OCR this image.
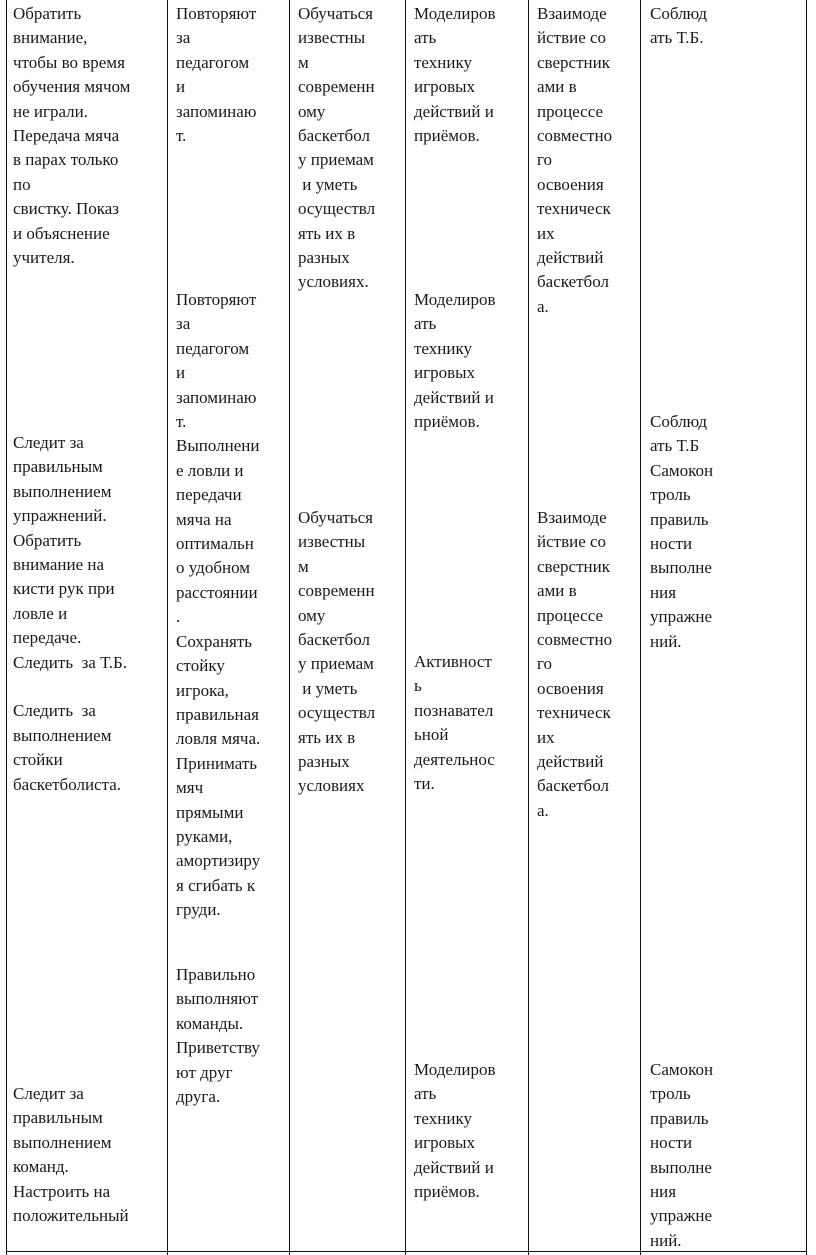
Обратить
внимание,
чтобы во время
обучения мячом
не играли.
Передача мяча
в парах только
по
свистку. Показ
и объяснение
учителя.
Следит за
правильным
выполнением
упражнений.
Обратить
внимание на
кисти рук при
ловле и
передаче.
Следить  за Т.Б.

Следить  за
выполнением
стойки
баскетболиста.
Следит за
правильным
выполнением
команд.
Настроить на
положительный
Повторяют
за
педагогом
и
запоминаю
т.
Повторяют
за
педагогом
и
запоминаю
т.
Выполнени
е ловли и
передачи
мяча на
оптимальн
о удобном
расстоянии
.
Сохранять
стойку
игрока,
правильная
ловля мяча.
Принимать
мяч
прямыми
руками,
амортизиру
я сгибать к
груди.
Правильно
выполняют
команды.
Приветству
ют друг
друга.
Обучаться
известны
м
современн
ому
баскетбол
у приемам
и уметь
осуществл
ять их в
разных
условиях.
Обучаться
известны
м
современн
ому
баскетбол
у приемам
и уметь
осуществл
ять их в
разных
условиях
Моделиров
ать
технику
игровых
действий и
приёмов.
Моделиров
ать
технику
игровых
действий и
приёмов.
Активност
ь
познавател
ьной
деятельнос
ти.
Моделиров
ать
технику
игровых
действий и
приёмов.
Взаимоде
йствие со
сверстник
ами в
процессе
совместно
го
освоения
техническ
их
действий
баскетбол
а.
Взаимоде
йствие со
сверстник
ами в
процессе
совместно
го
освоения
техническ
их
действий
баскетбол
а.
Соблюд
ать Т.Б.
Соблюд
ать Т.Б
Самокон
троль
правиль
ности
выполне
ния
упражне
ний.
Самокон
троль
правиль
ности
выполне
ния
упражне
ний.
